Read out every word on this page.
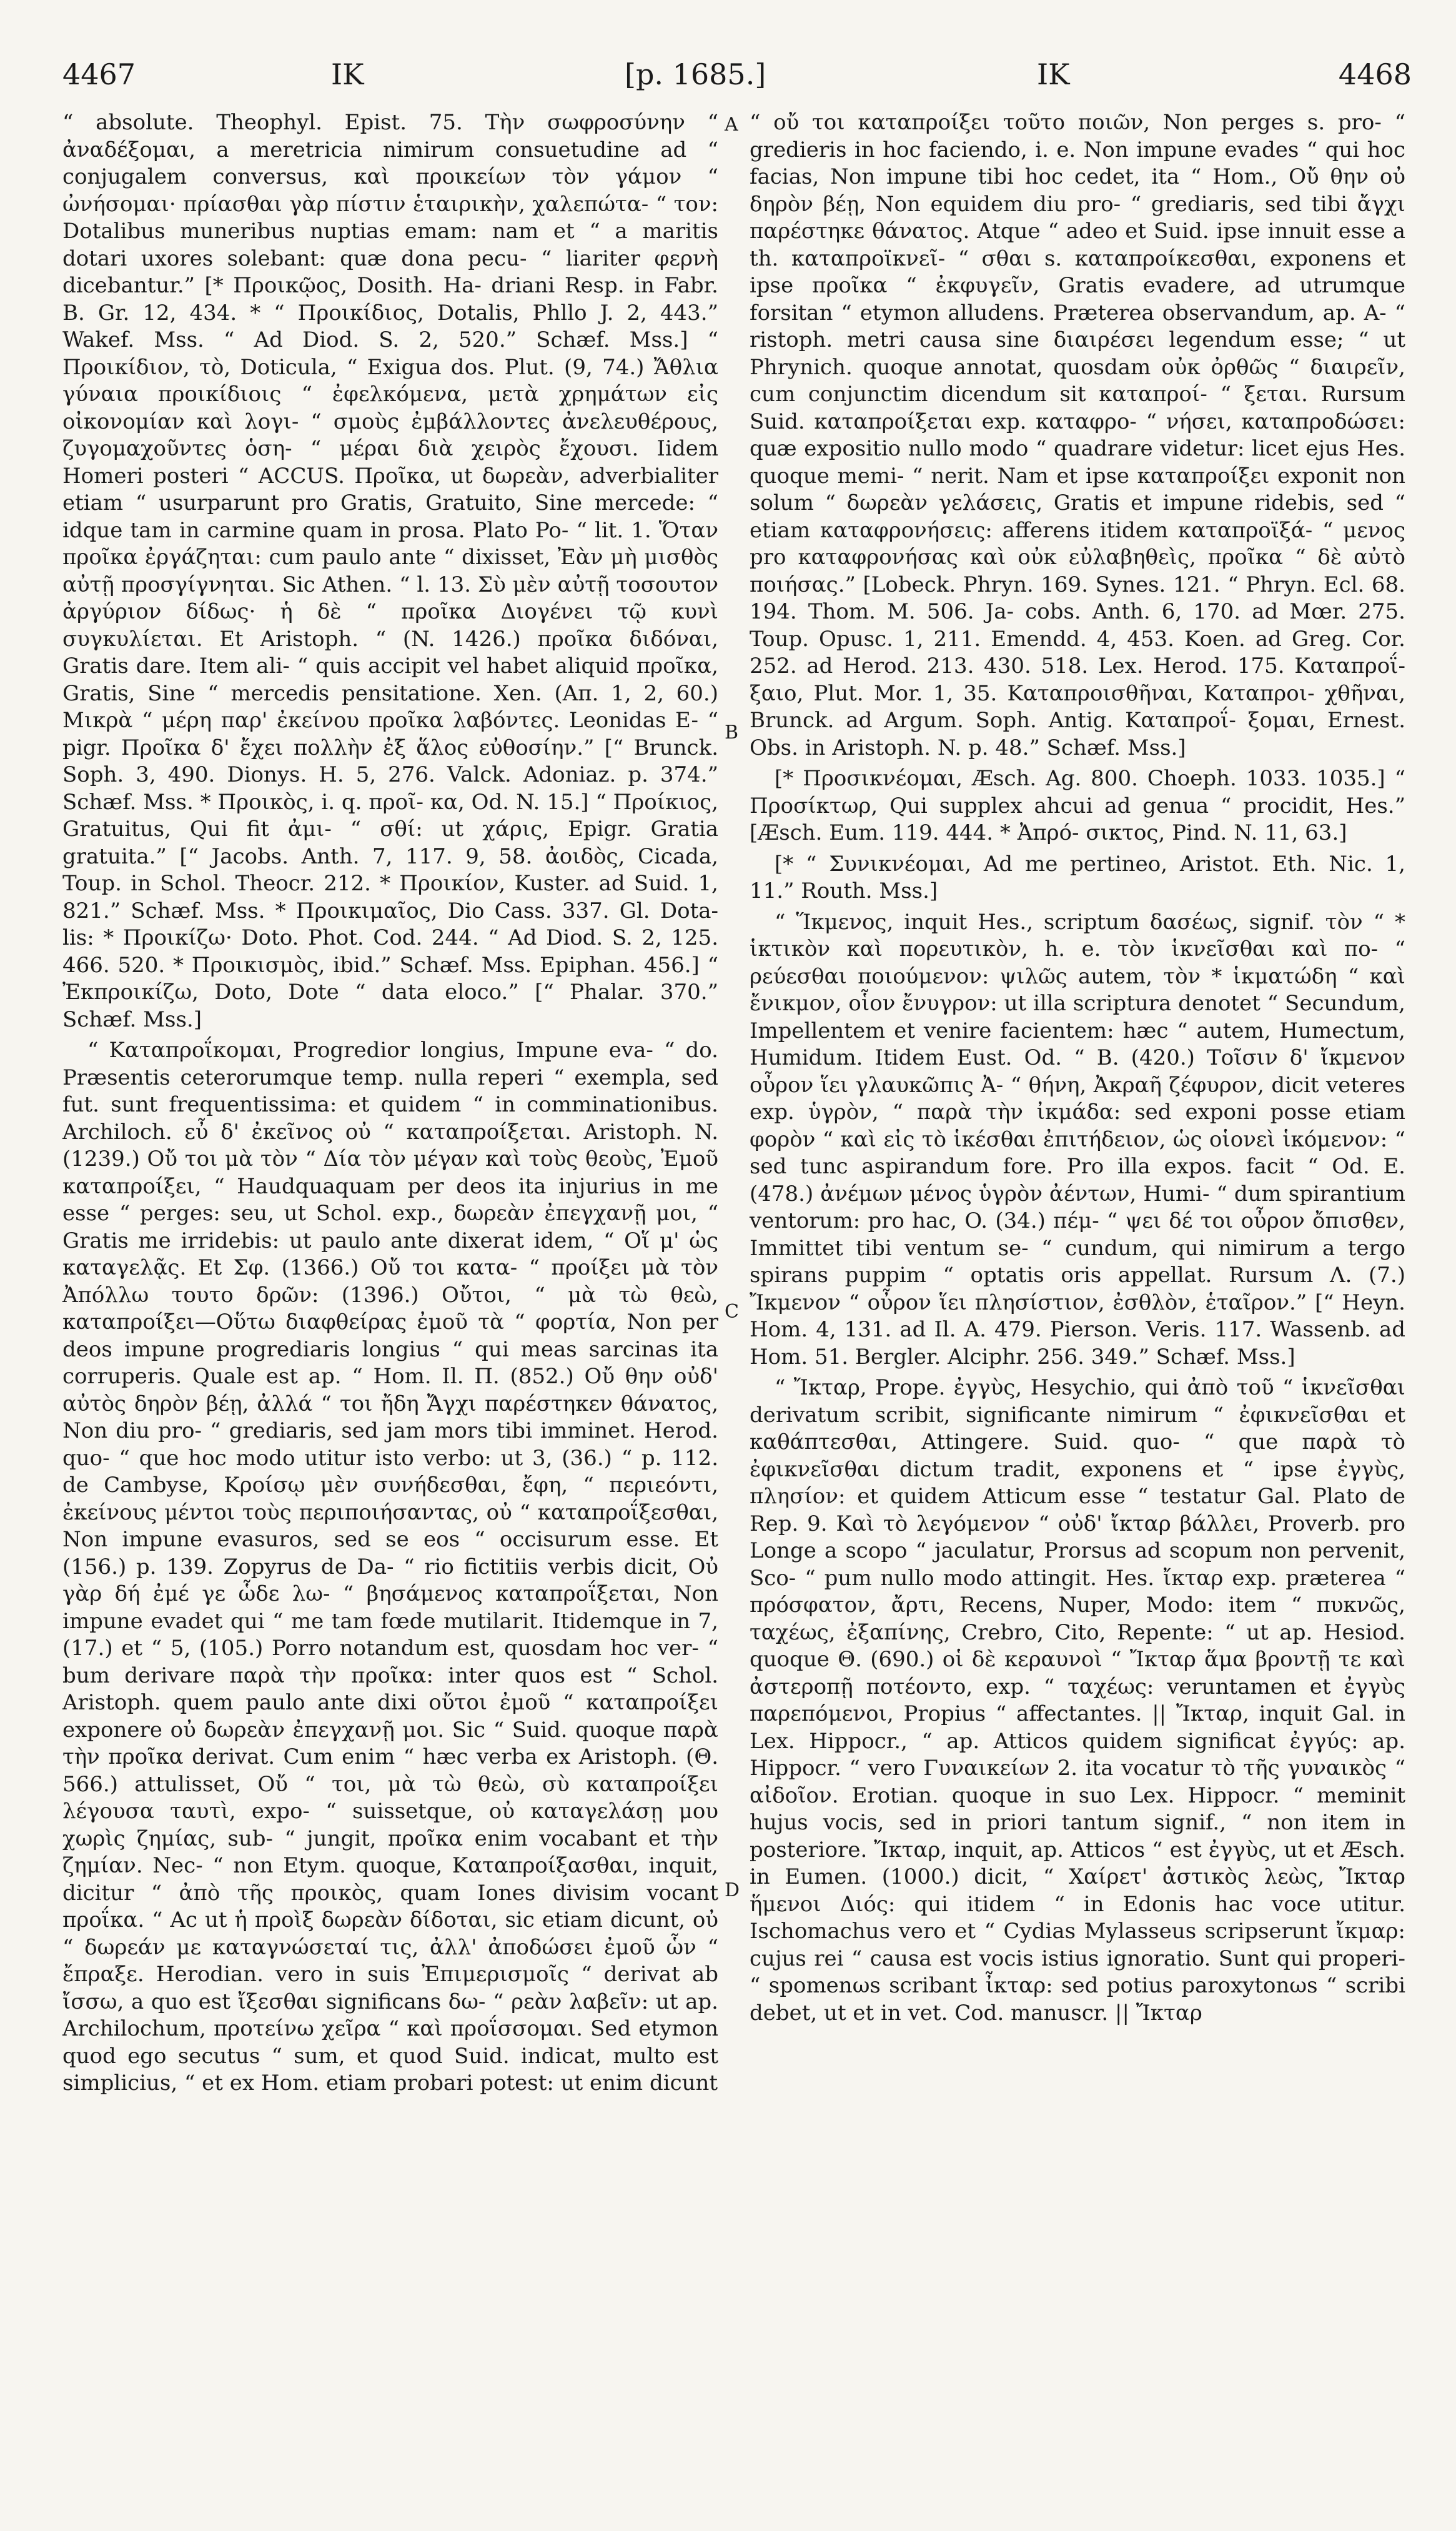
4467	IK	[p. 1685.]	IK	4468

“ absolute. Theophyl. Epist. 75. Τὴν σωφροσύνην “ ἀναδέξομαι, a meretricia nimirum consuetudine ad “ conjugalem conversus, καὶ προικείων τὸν γάμον “ ὠνήσομαι· πρίασθαι γὰρ πίστιν ἑταιρικὴν, χαλεπώτα- “ τον: Dotalibus muneribus nuptias emam: nam et “ a maritis dotari uxores solebant: quæ dona pecu- “ liariter φερνὴ dicebantur.” [* Προικῷος, Dosith. Ha- driani Resp. in Fabr. B. Gr. 12, 434. * “ Προικίδιος, Dotalis, Phllo J. 2, 443.” Wakef. Mss. “ Ad Diod. S. 2, 520.” Schæf. Mss.] “ Προικίδιον, τὸ, Doticula, “ Exigua dos. Plut. (9, 74.) Ἄθλια γύναια προικίδιοις “ ἐφελκόμενα, μετὰ χρημάτων εἰς οἰκονομίαν καὶ λογι- “ σμοὺς ἐμβάλλοντες ἀνελευθέρους, ζυγομαχοῦντες ὁση- “ μέραι διὰ χειρὸς ἔχουσι. Iidem Homeri posteri “ ACCUS. Προῖκα, ut δωρεὰν, adverbialiter etiam “ usurparunt pro Gratis, Gratuito, Sine mercede: “ idque tam in carmine quam in prosa. Plato Po- “ lit. 1. Ὅταν προῖκα ἐργάζηται: cum paulo ante “ dixisset, Ἐὰν μὴ μισθὸς αὐτῇ προσγίγνηται. Sic Athen. “ l. 13. Σὺ μὲν αὐτῇ τοσουτον ἀργύριον δίδως· ἡ δὲ “ προῖκα Διογένει τῷ κυνὶ συγκυλίεται. Et Aristoph. “ (N. 1426.) προῖκα διδόναι, Gratis dare. Item ali- “ quis accipit vel habet aliquid προῖκα, Gratis, Sine “ mercedis pensitatione. Xen. (Απ. 1, 2, 60.) Μικρὰ “ μέρη παρ' ἐκείνου προῖκα λαβόντες. Leonidas E- “ pigr. Προῖκα δ' ἔχει πολλὴν ἐξ ἅλος εὐθοσίην.” [“ Brunck. Soph. 3, 490. Dionys. H. 5, 276. Valck. Adoniaz. p. 374.” Schæf. Mss. * Προικὸς, i. q. προῖ- κα, Od. N. 15.] “ Προίκιος, Gratuitus, Qui fit ἀμι- “ σθί: ut χάρις, Epigr. Gratia gratuita.” [“ Jacobs. Anth. 7, 117. 9, 58. ἀοιδὸς, Cicada, Toup. in Schol. Theocr. 212. * Προικίον, Kuster. ad Suid. 1, 821.” Schæf. Mss. * Προικιμαῖος, Dio Cass. 337. Gl. Dota- lis: * Προικίζω· Doto. Phot. Cod. 244. “ Ad Diod. S. 2, 125. 466. 520. * Προικισμὸς, ibid.” Schæf. Mss. Epiphan. 456.] “ Ἐκπροικίζω, Doto, Dote “ data eloco.” [“ Phalar. 370.” Schæf. Mss.]

“ Καταπροΐκομαι, Progredior longius, Impune eva- “ do. Præsentis ceterorumque temp. nulla reperi “ exempla, sed fut. sunt frequentissima: et quidem “ in comminationibus. Archiloch. εὖ δ' ἐκεῖνος οὐ “ καταπροίξεται. Aristoph. N. (1239.) Οὔ τοι μὰ τὸν “ Δία τὸν μέγαν καὶ τοὺς θεοὺς, Ἐμοῦ καταπροίξει, “ Haudquaquam per deos ita injurius in me esse “ perges: seu, ut Schol. exp., δωρεὰν ἐπεγχανῇ μοι, “ Gratis me irridebis: ut paulo ante dixerat idem, “ Οἵ μ' ὡς καταγελᾷς. Et Σφ. (1366.) Οὔ τοι κατα- “ προίξει μὰ τὸν Ἀπόλλω τουτο δρῶν: (1396.) Οὔτοι, “ μὰ τὼ θεὼ, καταπροίξει—Οὕτω διαφθείρας ἐμοῦ τὰ “ φορτία, Non per deos impune progrediaris longius “ qui meas sarcinas ita corruperis. Quale est ap. “ Hom. Il. Π. (852.) Οὔ θην οὐδ' αὐτὸς δηρὸν βέῃ, ἀλλά “ τοι ἤδη Ἄγχι παρέστηκεν θάνατος, Non diu pro- “ grediaris, sed jam mors tibi imminet. Herod. quo- “ que hoc modo utitur isto verbo: ut 3, (36.) “ p. 112. de Cambyse, Κροίσῳ μὲν συνήδεσθαι, ἔφη, “ περιεόντι, ἐκείνους μέντοι τοὺς περιποιήσαντας, οὐ “ καταπροΐξεσθαι, Non impune evasuros, sed se eos “ occisurum esse. Et (156.) p. 139. Zopyrus de Da- “ rio fictitiis verbis dicit, Οὐ γὰρ δή ἐμέ γε ὧδε λω- “ βησάμενος καταπροΐξεται, Non impune evadet qui “ me tam fœde mutilarit. Itidemque in 7, (17.) et “ 5, (105.) Porro notandum est, quosdam hoc ver- “ bum derivare παρὰ τὴν προῖκα: inter quos est “ Schol. Aristoph. quem paulo ante dixi οὔτοι ἐμοῦ “ καταπροίξει exponere οὐ δωρεὰν ἐπεγχανῇ μοι. Sic “ Suid. quoque παρὰ τὴν προῖκα derivat. Cum enim “ hæc verba ex Aristoph. (Θ. 566.) attulisset, Οὔ “ τοι, μὰ τὼ θεὼ, σὺ καταπροίξει λέγουσα ταυτὶ, expo- “ suissetque, οὐ καταγελάσῃ μου χωρὶς ζημίας, sub- “ jungit, προῖκα enim vocabant et τὴν ζημίαν. Nec- “ non Etym. quoque, Καταπροίξασθαι, inquit, dicitur “ ἀπὸ τῆς προικὸς, quam Iones divisim vocant προΐκα. “ Ac ut ἡ προὶξ δωρεὰν δίδοται, sic etiam dicunt, οὐ “ δωρεάν με καταγνώσεταί τις, ἀλλ' ἀποδώσει ἐμοῦ ὧν “ ἔπραξε. Herodian. vero in suis Ἐπιμερισμοῖς “ derivat ab ἴσσω, a quo est ἴξεσθαι significans δω- “ ρεὰν λαβεῖν: ut ap. Archilochum, προτείνω χεῖρα “ καὶ προΐσσομαι. Sed etymon quod ego secutus “ sum, et quod Suid. indicat, multo est simplicius, “ et ex Hom. etiam probari potest: ut enim dicunt

A
B
C
D

“ οὔ τοι καταπροίξει τοῦτο ποιῶν, Non perges s. pro- “ gredieris in hoc faciendo, i. e. Non impune evades “ qui hoc facias, Non impune tibi hoc cedet, ita “ Hom., Οὔ θην οὐ δηρὸν βέῃ, Non equidem diu pro- “ grediaris, sed tibi ἄγχι παρέστηκε θάνατος. Atque “ adeo et Suid. ipse innuit esse a th. καταπροϊκνεῖ- “ σθαι s. καταπροίκεσθαι, exponens et ipse προῖκα “ ἐκφυγεῖν, Gratis evadere, ad utrumque forsitan “ etymon alludens. Præterea observandum, ap. A- “ ristoph. metri causa sine διαιρέσει legendum esse; “ ut Phrynich. quoque annotat, quosdam οὐκ ὀρθῶς “ διαιρεῖν, cum conjunctim dicendum sit καταπροί- “ ξεται. Rursum Suid. καταπροίξεται exp. καταφρο- “ νήσει, καταπροδώσει: quæ expositio nullo modo “ quadrare videtur: licet ejus Hes. quoque memi- “ nerit. Nam et ipse καταπροίξει exponit non solum “ δωρεὰν γελάσεις, Gratis et impune ridebis, sed “ etiam καταφρονήσεις: afferens itidem καταπροϊξά- “ μενος pro καταφρονήσας καὶ οὐκ εὐλαβηθεὶς, προῖκα “ δὲ αὐτὸ ποιήσας.” [Lobeck. Phryn. 169. Synes. 121. “ Phryn. Ecl. 68. 194. Thom. M. 506. Ja- cobs. Anth. 6, 170. ad Mœr. 275. Toup. Opusc. 1, 211. Emendd. 4, 453. Koen. ad Greg. Cor. 252. ad Herod. 213. 430. 518. Lex. Herod. 175. Καταπροΐ- ξαιο, Plut. Mor. 1, 35. Καταπροισθῆναι, Καταπροι- χθῆναι, Brunck. ad Argum. Soph. Antig. Καταπροΐ- ξομαι, Ernest. Obs. in Aristoph. N. p. 48.” Schæf. Mss.]

[* Προσικνέομαι, Æsch. Ag. 800. Choeph. 1033. 1035.] “ Προσίκτωρ, Qui supplex ahcui ad genua “ procidit, Hes.” [Æsch. Eum. 119. 444. * Ἀπρό- σικτος, Pind. N. 11, 63.]

[* “ Συνικνέομαι, Ad me pertineo, Aristot. Eth. Nic. 1, 11.” Routh. Mss.]

“ Ἵκμενος, inquit Hes., scriptum δασέως, signif. τὸν “ * ἱκτικὸν καὶ πορευτικὸν, h. e. τὸν ἱκνεῖσθαι καὶ πο- “ ρεύεσθαι ποιούμενον: ψιλῶς autem, τὸν * ἱκματώδη “ καὶ ἔνικμον, οἷον ἔνυγρον: ut illa scriptura denotet “ Secundum, Impellentem et venire facientem: hæc “ autem, Humectum, Humidum. Itidem Eust. Od. “ B. (420.) Τοῖσιν δ' ἴκμενον οὖρον ἵει γλαυκῶπις Ἀ- “ θήνη, Ἀκραῆ ζέφυρον, dicit veteres exp. ὑγρὸν, “ παρὰ τὴν ἰκμάδα: sed exponi posse etiam φορὸν “ καὶ εἰς τὸ ἱκέσθαι ἐπιτήδειον, ὡς οἱονεὶ ἱκόμενον: “ sed tunc aspirandum fore. Pro illa expos. facit “ Od. E. (478.) ἀνέμων μένος ὑγρὸν ἀέντων, Humi- “ dum spirantium ventorum: pro hac, O. (34.) πέμ- “ ψει δέ τοι οὖρον ὄπισθεν, Immittet tibi ventum se- “ cundum, qui nimirum a tergo spirans puppim “ optatis oris appellat. Rursum Λ. (7.) Ἴκμενον “ οὖρον ἵει πλησίστιον, ἐσθλὸν, ἑταῖρον.” [“ Heyn. Hom. 4, 131. ad Il. A. 479. Pierson. Veris. 117. Wassenb. ad Hom. 51. Bergler. Alciphr. 256. 349.” Schæf. Mss.]

“ Ἴκταρ, Prope. ἐγγὺς, Hesychio, qui ἀπὸ τοῦ “ ἱκνεῖσθαι derivatum scribit, significante nimirum “ ἐφικνεῖσθαι et καθάπτεσθαι, Attingere. Suid. quo- “ que παρὰ τὸ ἐφικνεῖσθαι dictum tradit, exponens et “ ipse ἐγγὺς, πλησίον: et quidem Atticum esse “ testatur Gal. Plato de Rep. 9. Καὶ τὸ λεγόμενον “ οὐδ' ἴκταρ βάλλει, Proverb. pro Longe a scopo “ jaculatur, Prorsus ad scopum non pervenit, Sco- “ pum nullo modo attingit. Hes. ἴκταρ exp. præterea “ πρόσφατον, ἄρτι, Recens, Nuper, Modo: item “ πυκνῶς, ταχέως, ἐξαπίνης, Crebro, Cito, Repente: “ ut ap. Hesiod. quoque Θ. (690.) οἱ δὲ κεραυνοὶ “ Ἴκταρ ἅμα βροντῇ τε καὶ ἀστεροπῇ ποτέοντο, exp. “ ταχέως: veruntamen et ἐγγὺς παρεπόμενοι, Propius “ affectantes. || Ἴκταρ, inquit Gal. in Lex. Hippocr., “ ap. Atticos quidem significat ἐγγύς: ap. Hippocr. “ vero Γυναικείων 2. ita vocatur τὸ τῆς γυναικὸς “ αἰδοῖον. Erotian. quoque in suo Lex. Hippocr. “ meminit hujus vocis, sed in priori tantum signif., “ non item in posteriore. Ἴκταρ, inquit, ap. Atticos “ est ἐγγὺς, ut et Æsch. in Eumen. (1000.) dicit, “ Χαίρετ' ἀστικὸς λεὼς, Ἴκταρ ἥμενοι Διός: qui itidem “ in Edonis hac voce utitur. Ischomachus vero et “ Cydias Mylasseus scripserunt ἴκμαρ: cujus rei “ causa est vocis istius ignoratio. Sunt qui properi- “ spomenωs scribant ἶκταρ: sed potius paroxytonωs “ scribi debet, ut et in vet. Cod. manuscr. || Ἴκταρ
